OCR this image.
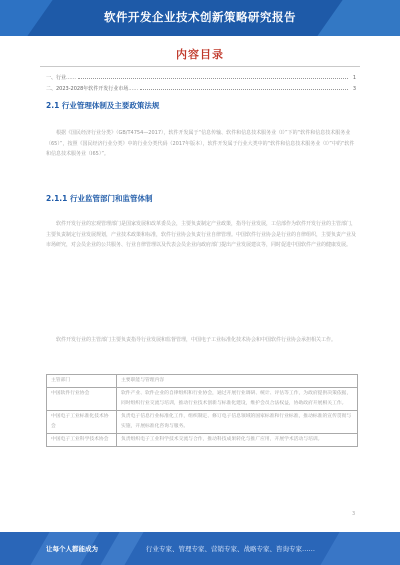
软件开发企业技术创新策略研究报告
内容目录
一、行业……	1
二、2023-2028年软件开发行业市场……	3
2.1 行业管理体制及主要政策法规

根据《国民经济行业分类》（GB/T4754—2017），软件开发属于“信息传输、软件和信息技术服务业（I）”下的“软件和信息技术服务业（65）”，按照《国民经济行业分类》中的行业分类代码（2017年版本），软件开发属于行业大类中的“软件和信息技术服务业（I）”中的“软件和信息技术服务业（I65）”。

2.1.1 行业监管部门和监管体制

软件开发行业的宏观管理部门是国家发展和改革委员会，主要负责制定产业政策，指导行业发展，工信部作为软件开发行业的主管部门，主要负责制定行业发展规划，产业技术政策和标准，软件行业协会负责行业自律管理。中国软件行业协会是行业的自律组织，主要负责产业及市场研究，对会员企业的公共服务、行业自律管理以及代表会员企业向政府部门提出产业发展建议等，同时促进中国软件产业的健康发展。

软件开发行业的主管部门主要负责指导行业发展和监督管理，中国电子工业标准化技术协会和中国软件行业协会承担相关工作。

主管部门	主要职能与管理内容
中国软件行业协会	软件产业、软件企业的自律组织和行业协会，通过开展行业调研、统计、评估等工作，为政府提供决策依据，同时组织行业交流与培训，推动行业技术创新与标准化建设，维护会员合法权益，协助政府开展相关工作。
中国电子工业标准化技术协会	负责电子信息行业标准化工作，组织制定、修订电子信息领域的国家标准和行业标准，推动标准的宣传贯彻与实施，开展标准化咨询与服务。
中国电子工业科学技术协会	负责组织电子工业科学技术交流与合作，推动科技成果转化与推广应用，开展学术活动与培训。
3
让每个人都能成为	行业专家、管理专家、营销专家、战略专家、咨询专家……
